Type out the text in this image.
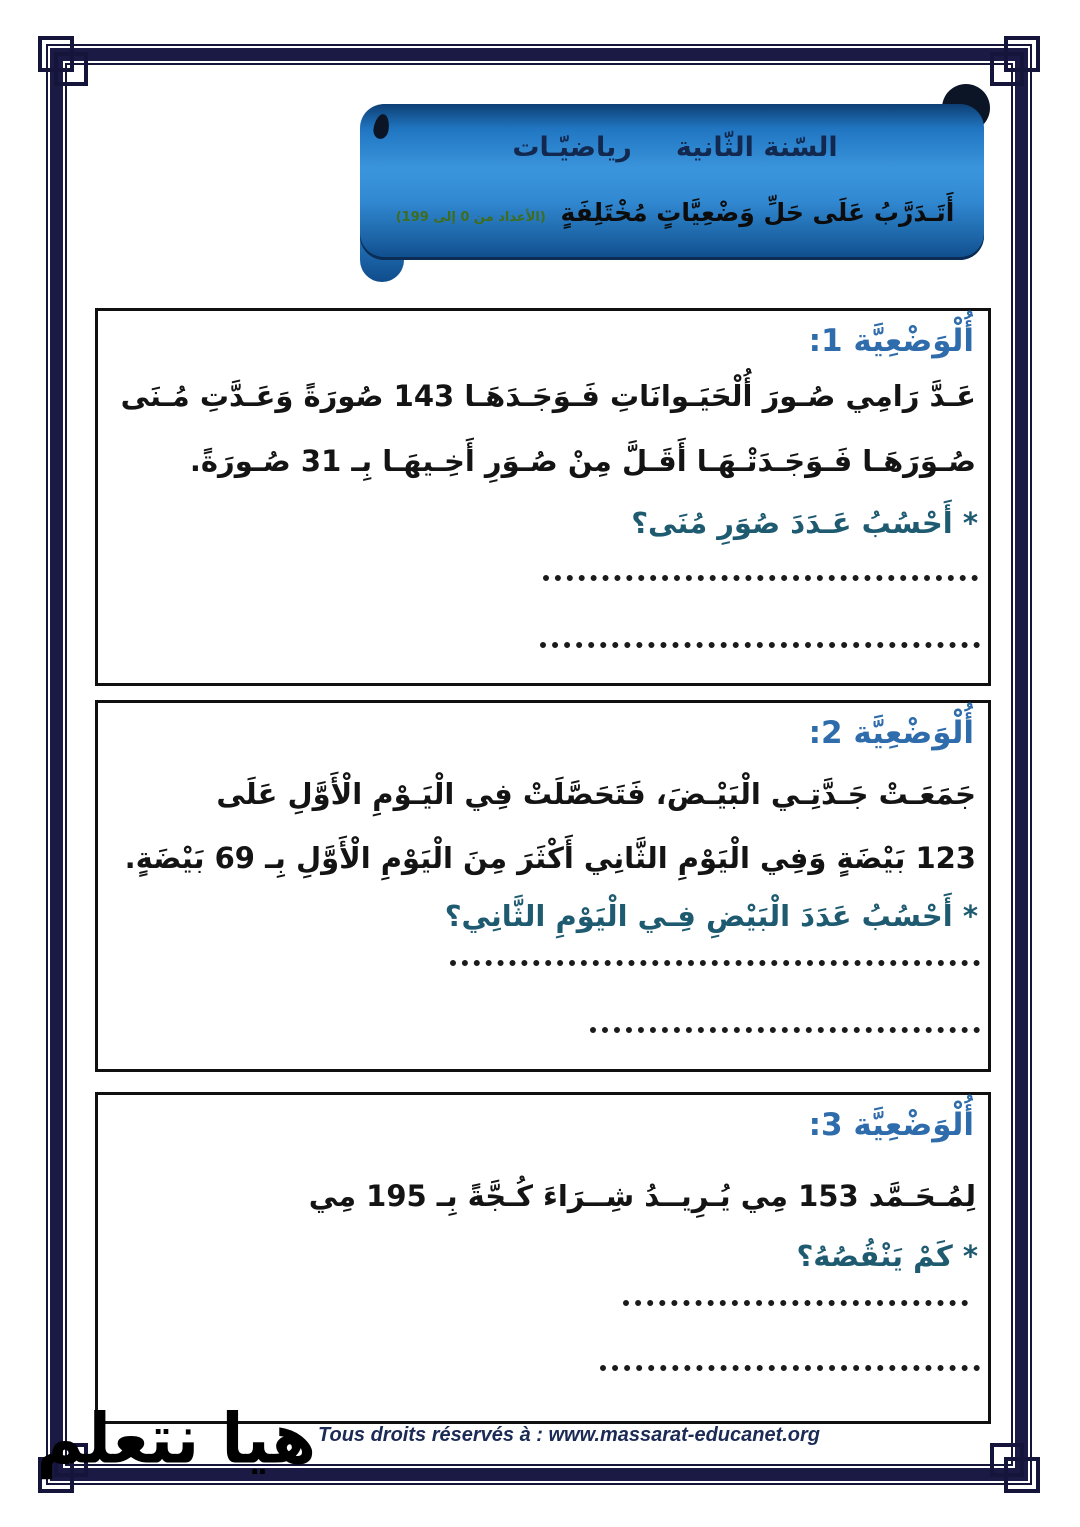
السّنة الثّانية
رياضيّـات
أَتَـدَرَّبُ عَلَى حَلِّ وَضْعِيَّاتٍ مُخْتَلِفَةٍ (الأعداد من 0 إلى 199)
أُلْوَضْعِيَّة 1:
عَـدَّ رَامِي صُـورَ أُلْحَيَـوانَاتِ فَـوَجَـدَهَـا 143 صُورَةً وَعَـدَّتِ مُـنَى
صُـوَرَهَـا فَـوَجَـدَتْـهَـا أَقَـلَّ مِنْ صُـوَرِ أَخِـيهَـا بِـ 31 صُـورَةً.
* أَحْسُبُ عَـدَدَ صُوَرِ مُنَى؟
أُلْوَضْعِيَّة 2:
جَمَعَـتْ جَـدَّتِـي الْبَيْـضَ، فَتَحَصَّلَتْ فِي الْيَـوْمِ الْأَوَّلِ عَلَى
123 بَيْضَةٍ وَفِي الْيَوْمِ الثَّانِي أَكْثَرَ مِنَ الْيَوْمِ الْأَوَّلِ بِـ 69 بَيْضَةٍ.
* أَحْسُبُ عَدَدَ الْبَيْضِ فِـي الْيَوْمِ الثَّانِي؟
أُلْوَضْعِيَّة 3:
لِمُـحَـمَّد 153 مِي يُـرِيــدُ شِــرَاءَ كُـجَّةً بِـ 195 مِي
* كَمْ يَنْقُصُهُ؟
هيا نتعلم Tous droits réservés à : www.massarat-educanet.org
